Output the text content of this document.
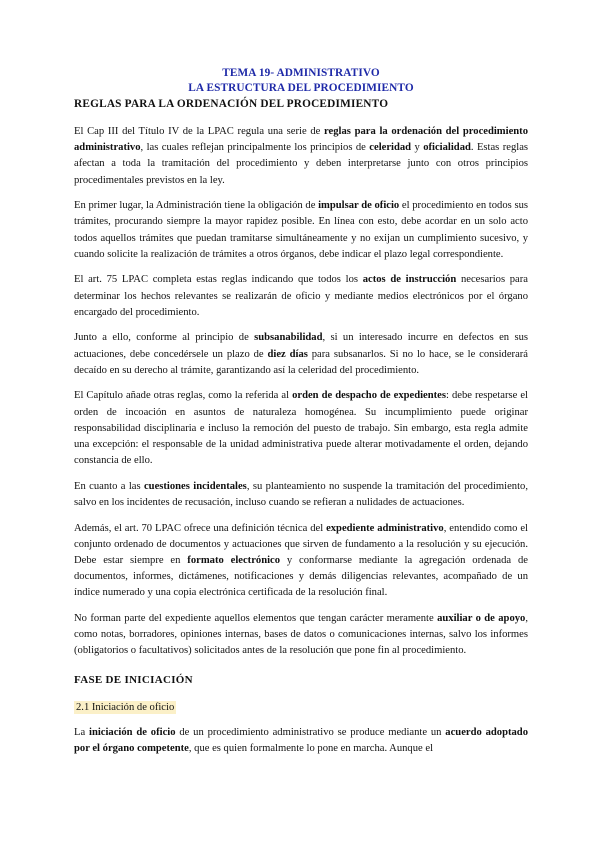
TEMA 19- ADMINISTRATIVO
LA ESTRUCTURA DEL PROCEDIMIENTO
REGLAS PARA LA ORDENACIÓN DEL PROCEDIMIENTO

El Cap III del Título IV de la LPAC regula una serie de reglas para la ordenación del procedimiento administrativo, las cuales reflejan principalmente los principios de celeridad y oficialidad. Estas reglas afectan a toda la tramitación del procedimiento y deben interpretarse junto con otros principios procedimentales previstos en la ley.

En primer lugar, la Administración tiene la obligación de impulsar de oficio el procedimiento en todos sus trámites, procurando siempre la mayor rapidez posible. En línea con esto, debe acordar en un solo acto todos aquellos trámites que puedan tramitarse simultáneamente y no exijan un cumplimiento sucesivo, y cuando solicite la realización de trámites a otros órganos, debe indicar el plazo legal correspondiente.

El art. 75 LPAC completa estas reglas indicando que todos los actos de instrucción necesarios para determinar los hechos relevantes se realizarán de oficio y mediante medios electrónicos por el órgano encargado del procedimiento.

Junto a ello, conforme al principio de subsanabilidad, si un interesado incurre en defectos en sus actuaciones, debe concedérsele un plazo de diez días para subsanarlos. Si no lo hace, se le considerará decaído en su derecho al trámite, garantizando así la celeridad del procedimiento.

El Capítulo añade otras reglas, como la referida al orden de despacho de expedientes: debe respetarse el orden de incoación en asuntos de naturaleza homogénea. Su incumplimiento puede originar responsabilidad disciplinaria e incluso la remoción del puesto de trabajo. Sin embargo, esta regla admite una excepción: el responsable de la unidad administrativa puede alterar motivadamente el orden, dejando constancia de ello.

En cuanto a las cuestiones incidentales, su planteamiento no suspende la tramitación del procedimiento, salvo en los incidentes de recusación, incluso cuando se refieran a nulidades de actuaciones.

Además, el art. 70 LPAC ofrece una definición técnica del expediente administrativo, entendido como el conjunto ordenado de documentos y actuaciones que sirven de fundamento a la resolución y su ejecución. Debe estar siempre en formato electrónico y conformarse mediante la agregación ordenada de documentos, informes, dictámenes, notificaciones y demás diligencias relevantes, acompañado de un índice numerado y una copia electrónica certificada de la resolución final.

No forman parte del expediente aquellos elementos que tengan carácter meramente auxiliar o de apoyo, como notas, borradores, opiniones internas, bases de datos o comunicaciones internas, salvo los informes (obligatorios o facultativos) solicitados antes de la resolución que pone fin al procedimiento.

FASE DE INICIACIÓN
2.1 Iniciación de oficio

La iniciación de oficio de un procedimiento administrativo se produce mediante un acuerdo adoptado por el órgano competente, que es quien formalmente lo pone en marcha. Aunque el
